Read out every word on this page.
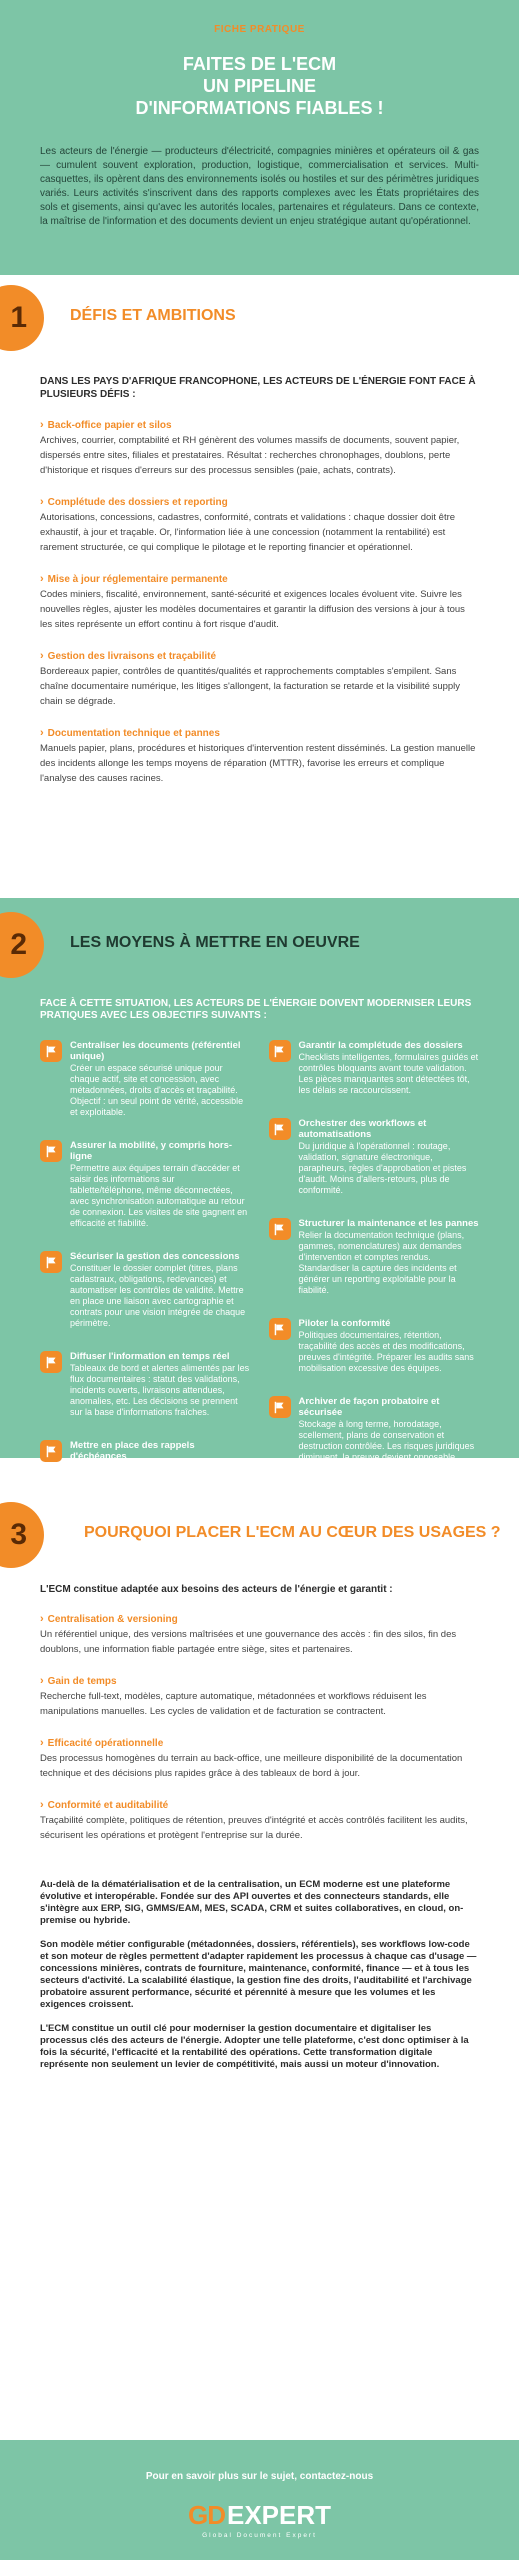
FICHE PRATIQUE
FAITES DE L'ECM
UN PIPELINE
D'INFORMATIONS FIABLES !

Les acteurs de l'énergie — producteurs d'électricité, compagnies minières et opérateurs oil & gas — cumulent souvent exploration, production, logistique, commercialisation et services. Multi-casquettes, ils opèrent dans des environnements isolés ou hostiles et sur des périmètres juridiques variés. Leurs activités s'inscrivent dans des rapports complexes avec les États propriétaires des sols et gisements, ainsi qu'avec les autorités locales, partenaires et régulateurs. Dans ce contexte, la maîtrise de l'information et des documents devient un enjeu stratégique autant qu'opérationnel.

1	DÉFIS ET AMBITIONS

DANS LES PAYS D'AFRIQUE FRANCOPHONE, LES ACTEURS DE L'ÉNERGIE FONT FACE À PLUSIEURS DÉFIS :

› Back-office papier et silos

Archives, courrier, comptabilité et RH génèrent des volumes massifs de documents, souvent papier, dispersés entre sites, filiales et prestataires. Résultat : recherches chronophages, doublons, perte d'historique et risques d'erreurs sur des processus sensibles (paie, achats, contrats).

› Complétude des dossiers et reporting

Autorisations, concessions, cadastres, conformité, contrats et validations : chaque dossier doit être exhaustif, à jour et traçable. Or, l'information liée à une concession (notamment la rentabilité) est rarement structurée, ce qui complique le pilotage et le reporting financier et opérationnel.

› Mise à jour réglementaire permanente

Codes miniers, fiscalité, environnement, santé-sécurité et exigences locales évoluent vite. Suivre les nouvelles règles, ajuster les modèles documentaires et garantir la diffusion des versions à jour à tous les sites représente un effort continu à fort risque d'audit.

› Gestion des livraisons et traçabilité

Bordereaux papier, contrôles de quantités/qualités et rapprochements comptables s'empilent. Sans chaîne documentaire numérique, les litiges s'allongent, la facturation se retarde et la visibilité supply chain se dégrade.

› Documentation technique et pannes

Manuels papier, plans, procédures et historiques d'intervention restent disséminés. La gestion manuelle des incidents allonge les temps moyens de réparation (MTTR), favorise les erreurs et complique l'analyse des causes racines.

2	LES MOYENS À METTRE EN OEUVRE

FACE À CETTE SITUATION, LES ACTEURS DE L'ÉNERGIE DOIVENT MODERNISER LEURS PRATIQUES AVEC LES OBJECTIFS SUIVANTS :

Centraliser les documents (référentiel unique)

Créer un espace sécurisé unique pour chaque actif, site et concession, avec métadonnées, droits d'accès et traçabilité. Objectif : un seul point de vérité, accessible et exploitable.

Assurer la mobilité, y compris hors-ligne

Permettre aux équipes terrain d'accéder et saisir des informations sur tablette/téléphone, même déconnectées, avec synchronisation automatique au retour de connexion. Les visites de site gagnent en efficacité et fiabilité.

Sécuriser la gestion des concessions

Constituer le dossier complet (titres, plans cadastraux, obligations, redevances) et automatiser les contrôles de validité. Mettre en place une liaison avec cartographie et contrats pour une vision intégrée de chaque périmètre.

Diffuser l'information en temps réel

Tableaux de bord et alertes alimentés par les flux documentaires : statut des validations, incidents ouverts, livraisons attendues, anomalies, etc. Les décisions se prennent sur la base d'informations fraîches.

Mettre en place des rappels d'échéances

Automatiser alertes et relances pour permis, paiements, audits, contrôles réglementaires ou visites techniques, avec preuves d'envoi et journal d'activité.

Garantir la complétude des dossiers

Checklists intelligentes, formulaires guidés et contrôles bloquants avant toute validation. Les pièces manquantes sont détectées tôt, les délais se raccourcissent.

Orchestrer des workflows et automatisations

Du juridique à l'opérationnel : routage, validation, signature électronique, parapheurs, règles d'approbation et pistes d'audit. Moins d'allers-retours, plus de conformité.

Structurer la maintenance et les pannes

Relier la documentation technique (plans, gammes, nomenclatures) aux demandes d'intervention et comptes rendus. Standardiser la capture des incidents et générer un reporting exploitable pour la fiabilité.

Piloter la conformité

Politiques documentaires, rétention, traçabilité des accès et des modifications, preuves d'intégrité. Préparer les audits sans mobilisation excessive des équipes.

Archiver de façon probatoire et sécurisée

Stockage à long terme, horodatage, scellement, plans de conservation et destruction contrôlée. Les risques juridiques diminuent, la preuve devient opposable.

3	POURQUOI PLACER L'ECM AU CŒUR DES USAGES ?

L'ECM constitue adaptée aux besoins des acteurs de l'énergie et garantit :

› Centralisation & versioning

Un référentiel unique, des versions maîtrisées et une gouvernance des accès : fin des silos, fin des doublons, une information fiable partagée entre siège, sites et partenaires.

› Gain de temps

Recherche full-text, modèles, capture automatique, métadonnées et workflows réduisent les manipulations manuelles. Les cycles de validation et de facturation se contractent.

› Efficacité opérationnelle

Des processus homogènes du terrain au back-office, une meilleure disponibilité de la documentation technique et des décisions plus rapides grâce à des tableaux de bord à jour.

› Conformité et auditabilité

Traçabilité complète, politiques de rétention, preuves d'intégrité et accès contrôlés facilitent les audits, sécurisent les opérations et protègent l'entreprise sur la durée.

Au-delà de la dématérialisation et de la centralisation, un ECM moderne est une plateforme évolutive et interopérable. Fondée sur des API ouvertes et des connecteurs standards, elle s'intègre aux ERP, SIG, GMMS/EAM, MES, SCADA, CRM et suites collaboratives, en cloud, on-premise ou hybride.

Son modèle métier configurable (métadonnées, dossiers, référentiels), ses workflows low-code et son moteur de règles permettent d'adapter rapidement les processus à chaque cas d'usage — concessions minières, contrats de fourniture, maintenance, conformité, finance — et à tous les secteurs d'activité. La scalabilité élastique, la gestion fine des droits, l'auditabilité et l'archivage probatoire assurent performance, sécurité et pérennité à mesure que les volumes et les exigences croissent.

L'ECM constitue un outil clé pour moderniser la gestion documentaire et digitaliser les processus clés des acteurs de l'énergie. Adopter une telle plateforme, c'est donc optimiser à la fois la sécurité, l'efficacité et la rentabilité des opérations. Cette transformation digitale représente non seulement un levier de compétitivité, mais aussi un moteur d'innovation.

Pour en savoir plus sur le sujet, contactez-nous
GD EXPERT
Global Document Expert
